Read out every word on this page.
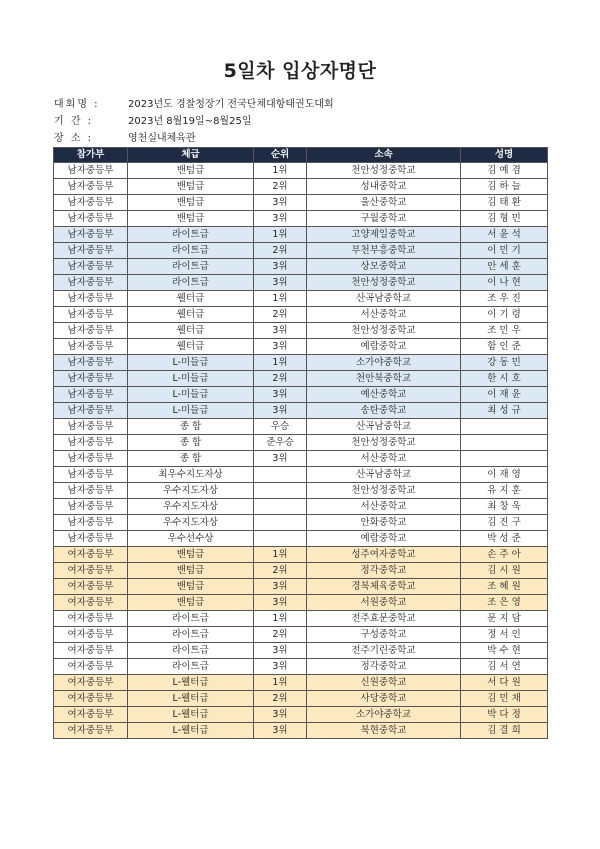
5일차 입상자명단
대회명 :	2023년도 경찰청장기 전국단체대항태권도대회
기 간 :	2023년 8월19일~8월25일
장 소 :	영천실내체육관
참가부	체급	순위	소속	성명
남자중등부	밴텀급	1위	천안성정중학교	김 예 겸
남자중등부	밴텀급	2위	성내중학교	김 하 늘
남자중등부	밴텀급	3위	울산중학교	김 태 환
남자중등부	밴텀급	3위	구월중학교	김 형 민
남자중등부	라이트급	1위	고양제일중학교	서 윤 석
남자중등부	라이트급	2위	부천부흥중학교	이 민 기
남자중등부	라이트급	3위	상모중학교	안 세 훈
남자중등부	라이트급	3위	천안성정중학교	이 나 현
남자중등부	웰터급	1위	산곡남중학교	조 우 진
남자중등부	웰터급	2위	서산중학교	이 기 령
남자중등부	웰터급	3위	천안성정중학교	조 민 우
남자중등부	웰터급	3위	예람중학교	함 인 준
남자중등부	L-미들급	1위	소가야중학교	강 동 민
남자중등부	L-미들급	2위	천안북중학교	한 시 호
남자중등부	L-미들급	3위	예산중학교	이 재 윤
남자중등부	L-미들급	3위	송탄중학교	최 성 규
남자중등부	종 합	우승	산곡남중학교	
남자중등부	종 합	준우승	천안성정중학교	
남자중등부	종 합	3위	서산중학교	
남자중등부	최우수지도자상		산곡남중학교	이 재 영
남자중등부	우수지도자상		천안성정중학교	유 지 훈
남자중등부	우수지도자상		서산중학교	최 창 욱
남자중등부	우수지도자상		안화중학교	김 진 구
남자중등부	우수선수상		예람중학교	박 성 준
여자중등부	밴텀급	1위	성주여자중학교	손 주 아
여자중등부	밴텀급	2위	정각중학교	김 시 원
여자중등부	밴텀급	3위	경북체육중학교	조 혜 원
여자중등부	밴텀급	3위	서원중학교	조 은 영
여자중등부	라이트급	1위	전주효문중학교	문 지 담
여자중등부	라이트급	2위	구성중학교	정 서 인
여자중등부	라이트급	3위	전주기린중학교	박 수 현
여자중등부	라이트급	3위	정각중학교	김 서 연
여자중등부	L-웰터급	1위	신원중학교	서 다 원
여자중등부	L-웰터급	2위	사당중학교	김 민 채
여자중등부	L-웰터급	3위	소가야중학교	박 다 정
여자중등부	L-웰터급	3위	북현중학교	김 결 희
